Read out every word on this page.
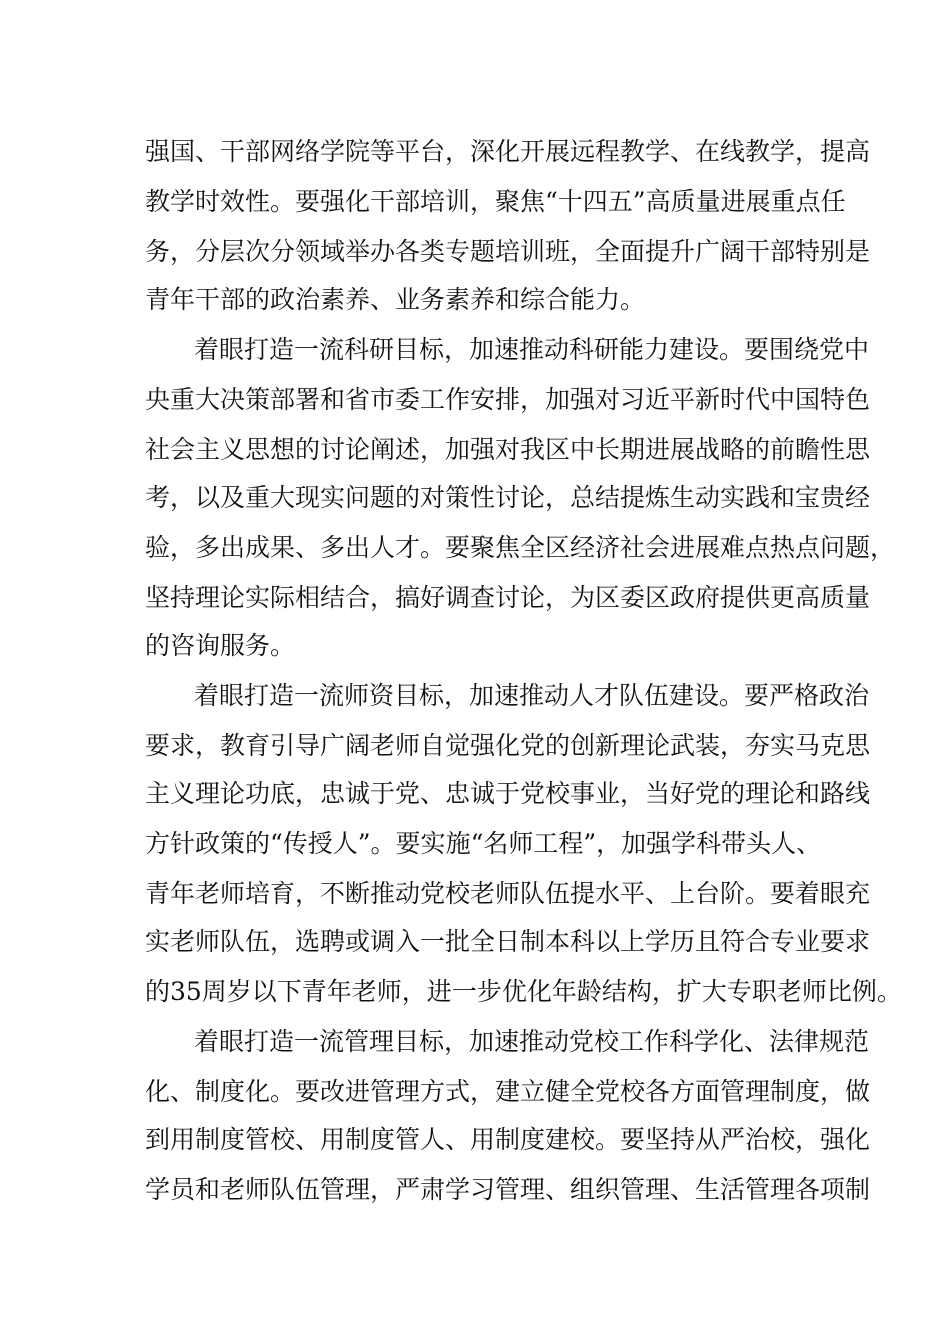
强国、干部网络学院等平台，深化开展远程教学、在线教学，提高
教学时效性。要强化干部培训，聚焦“十四五”高质量进展重点任
务，分层次分领域举办各类专题培训班，全面提升广阔干部特别是
青年干部的政治素养、业务素养和综合能力。
着眼打造一流科研目标，加速推动科研能力建设。要围绕党中
央重大决策部署和省市委工作安排，加强对习近平新时代中国特色
社会主义思想的讨论阐述，加强对我区中长期进展战略的前瞻性思
考，以及重大现实问题的对策性讨论，总结提炼生动实践和宝贵经
验，多出成果、多出人才。要聚焦全区经济社会进展难点热点问题，
坚持理论实际相结合，搞好调查讨论，为区委区政府提供更高质量
的咨询服务。
着眼打造一流师资目标，加速推动人才队伍建设。要严格政治
要求，教育引导广阔老师自觉强化党的创新理论武装，夯实马克思
主义理论功底，忠诚于党、忠诚于党校事业，当好党的理论和路线
方针政策的“传授人”。要实施“名师工程”，加强学科带头人、
青年老师培育，不断推动党校老师队伍提水平、上台阶。要着眼充
实老师队伍，选聘或调入一批全日制本科以上学历且符合专业要求
的35周岁以下青年老师，进一步优化年龄结构，扩大专职老师比例。
着眼打造一流管理目标，加速推动党校工作科学化、法律规范
化、制度化。要改进管理方式，建立健全党校各方面管理制度，做
到用制度管校、用制度管人、用制度建校。要坚持从严治校，强化
学员和老师队伍管理，严肃学习管理、组织管理、生活管理各项制
